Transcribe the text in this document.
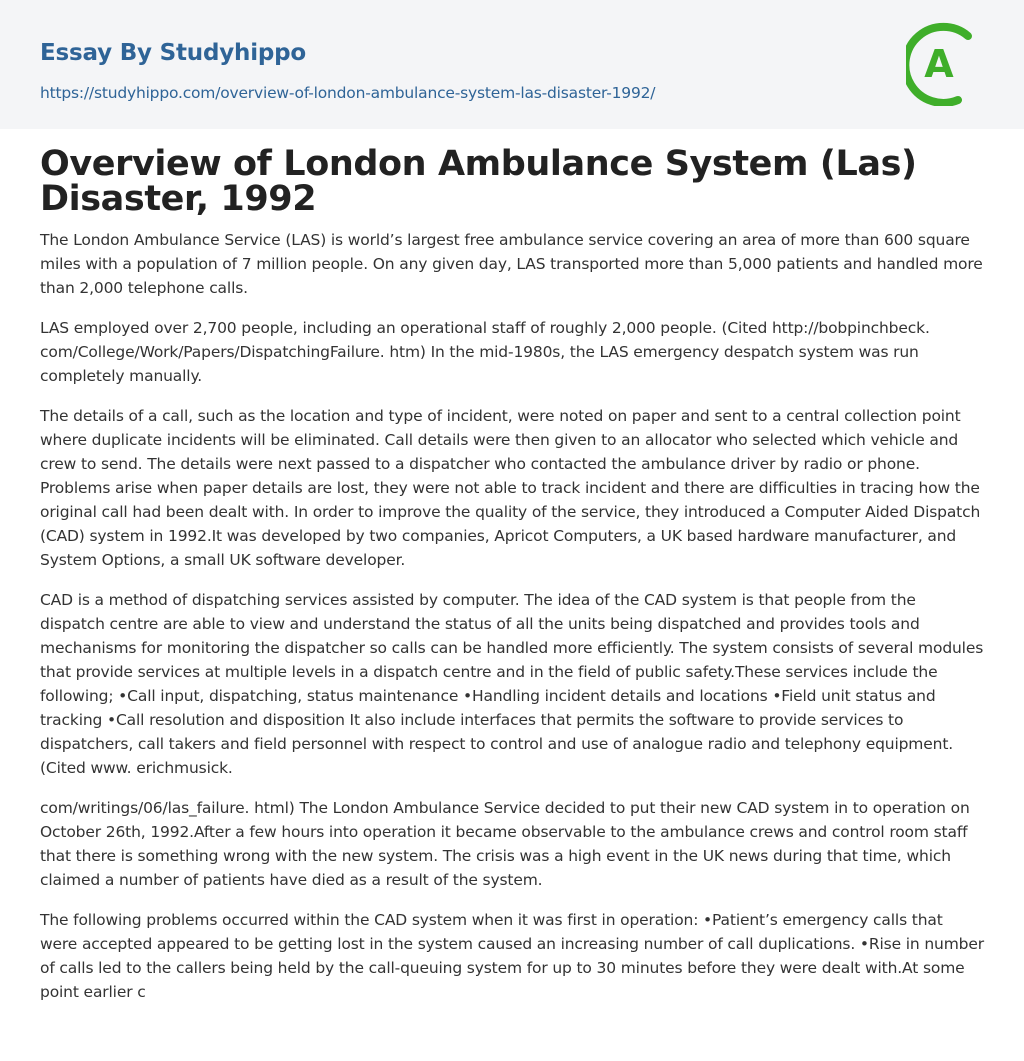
Essay By Studyhippo
https://studyhippo.com/overview-of-london-ambulance-system-las-disaster-1992/
A
Overview of London Ambulance System (Las) Disaster, 1992

The London Ambulance Service (LAS) is world’s largest free ambulance service covering an area of more than 600 square miles with a population of 7 million people. On any given day, LAS transported more than 5,000 patients and handled more than 2,000 telephone calls.

LAS employed over 2,700 people, including an operational staff of roughly 2,000 people. (Cited http://bobpinchbeck. com/College/Work/Papers/DispatchingFailure. htm) In the mid-1980s, the LAS emergency despatch system was run completely manually.

The details of a call, such as the location and type of incident, were noted on paper and sent to a central collection point where duplicate incidents will be eliminated. Call details were then given to an allocator who selected which vehicle and crew to send. The details were next passed to a dispatcher who contacted the ambulance driver by radio or phone. Problems arise when paper details are lost, they were not able to track incident and there are difficulties in tracing how the original call had been dealt with. In order to improve the quality of the service, they introduced a Computer Aided Dispatch (CAD) system in 1992.It was developed by two companies, Apricot Computers, a UK based hardware manufacturer, and System Options, a small UK software developer.

CAD is a method of dispatching services assisted by computer. The idea of the CAD system is that people from the dispatch centre are able to view and understand the status of all the units being dispatched and provides tools and mechanisms for monitoring the dispatcher so calls can be handled more efficiently. The system consists of several modules that provide services at multiple levels in a dispatch centre and in the field of public safety.These services include the following; •Call input, dispatching, status maintenance •Handling incident details and locations •Field unit status and tracking •Call resolution and disposition It also include interfaces that permits the software to provide services to dispatchers, call takers and field personnel with respect to control and use of analogue radio and telephony equipment. (Cited www. erichmusick.

com/writings/06/las_failure. html) The London Ambulance Service decided to put their new CAD system in to operation on October 26th, 1992.After a few hours into operation it became observable to the ambulance crews and control room staff that there is something wrong with the new system. The crisis was a high event in the UK news during that time, which claimed a number of patients have died as a result of the system.

The following problems occurred within the CAD system when it was first in operation: •Patient’s emergency calls that were accepted appeared to be getting lost in the system caused an increasing number of call duplications. •Rise in number of calls led to the callers being held by the call-queuing system for up to 30 minutes before they were dealt with.At some point earlier c
